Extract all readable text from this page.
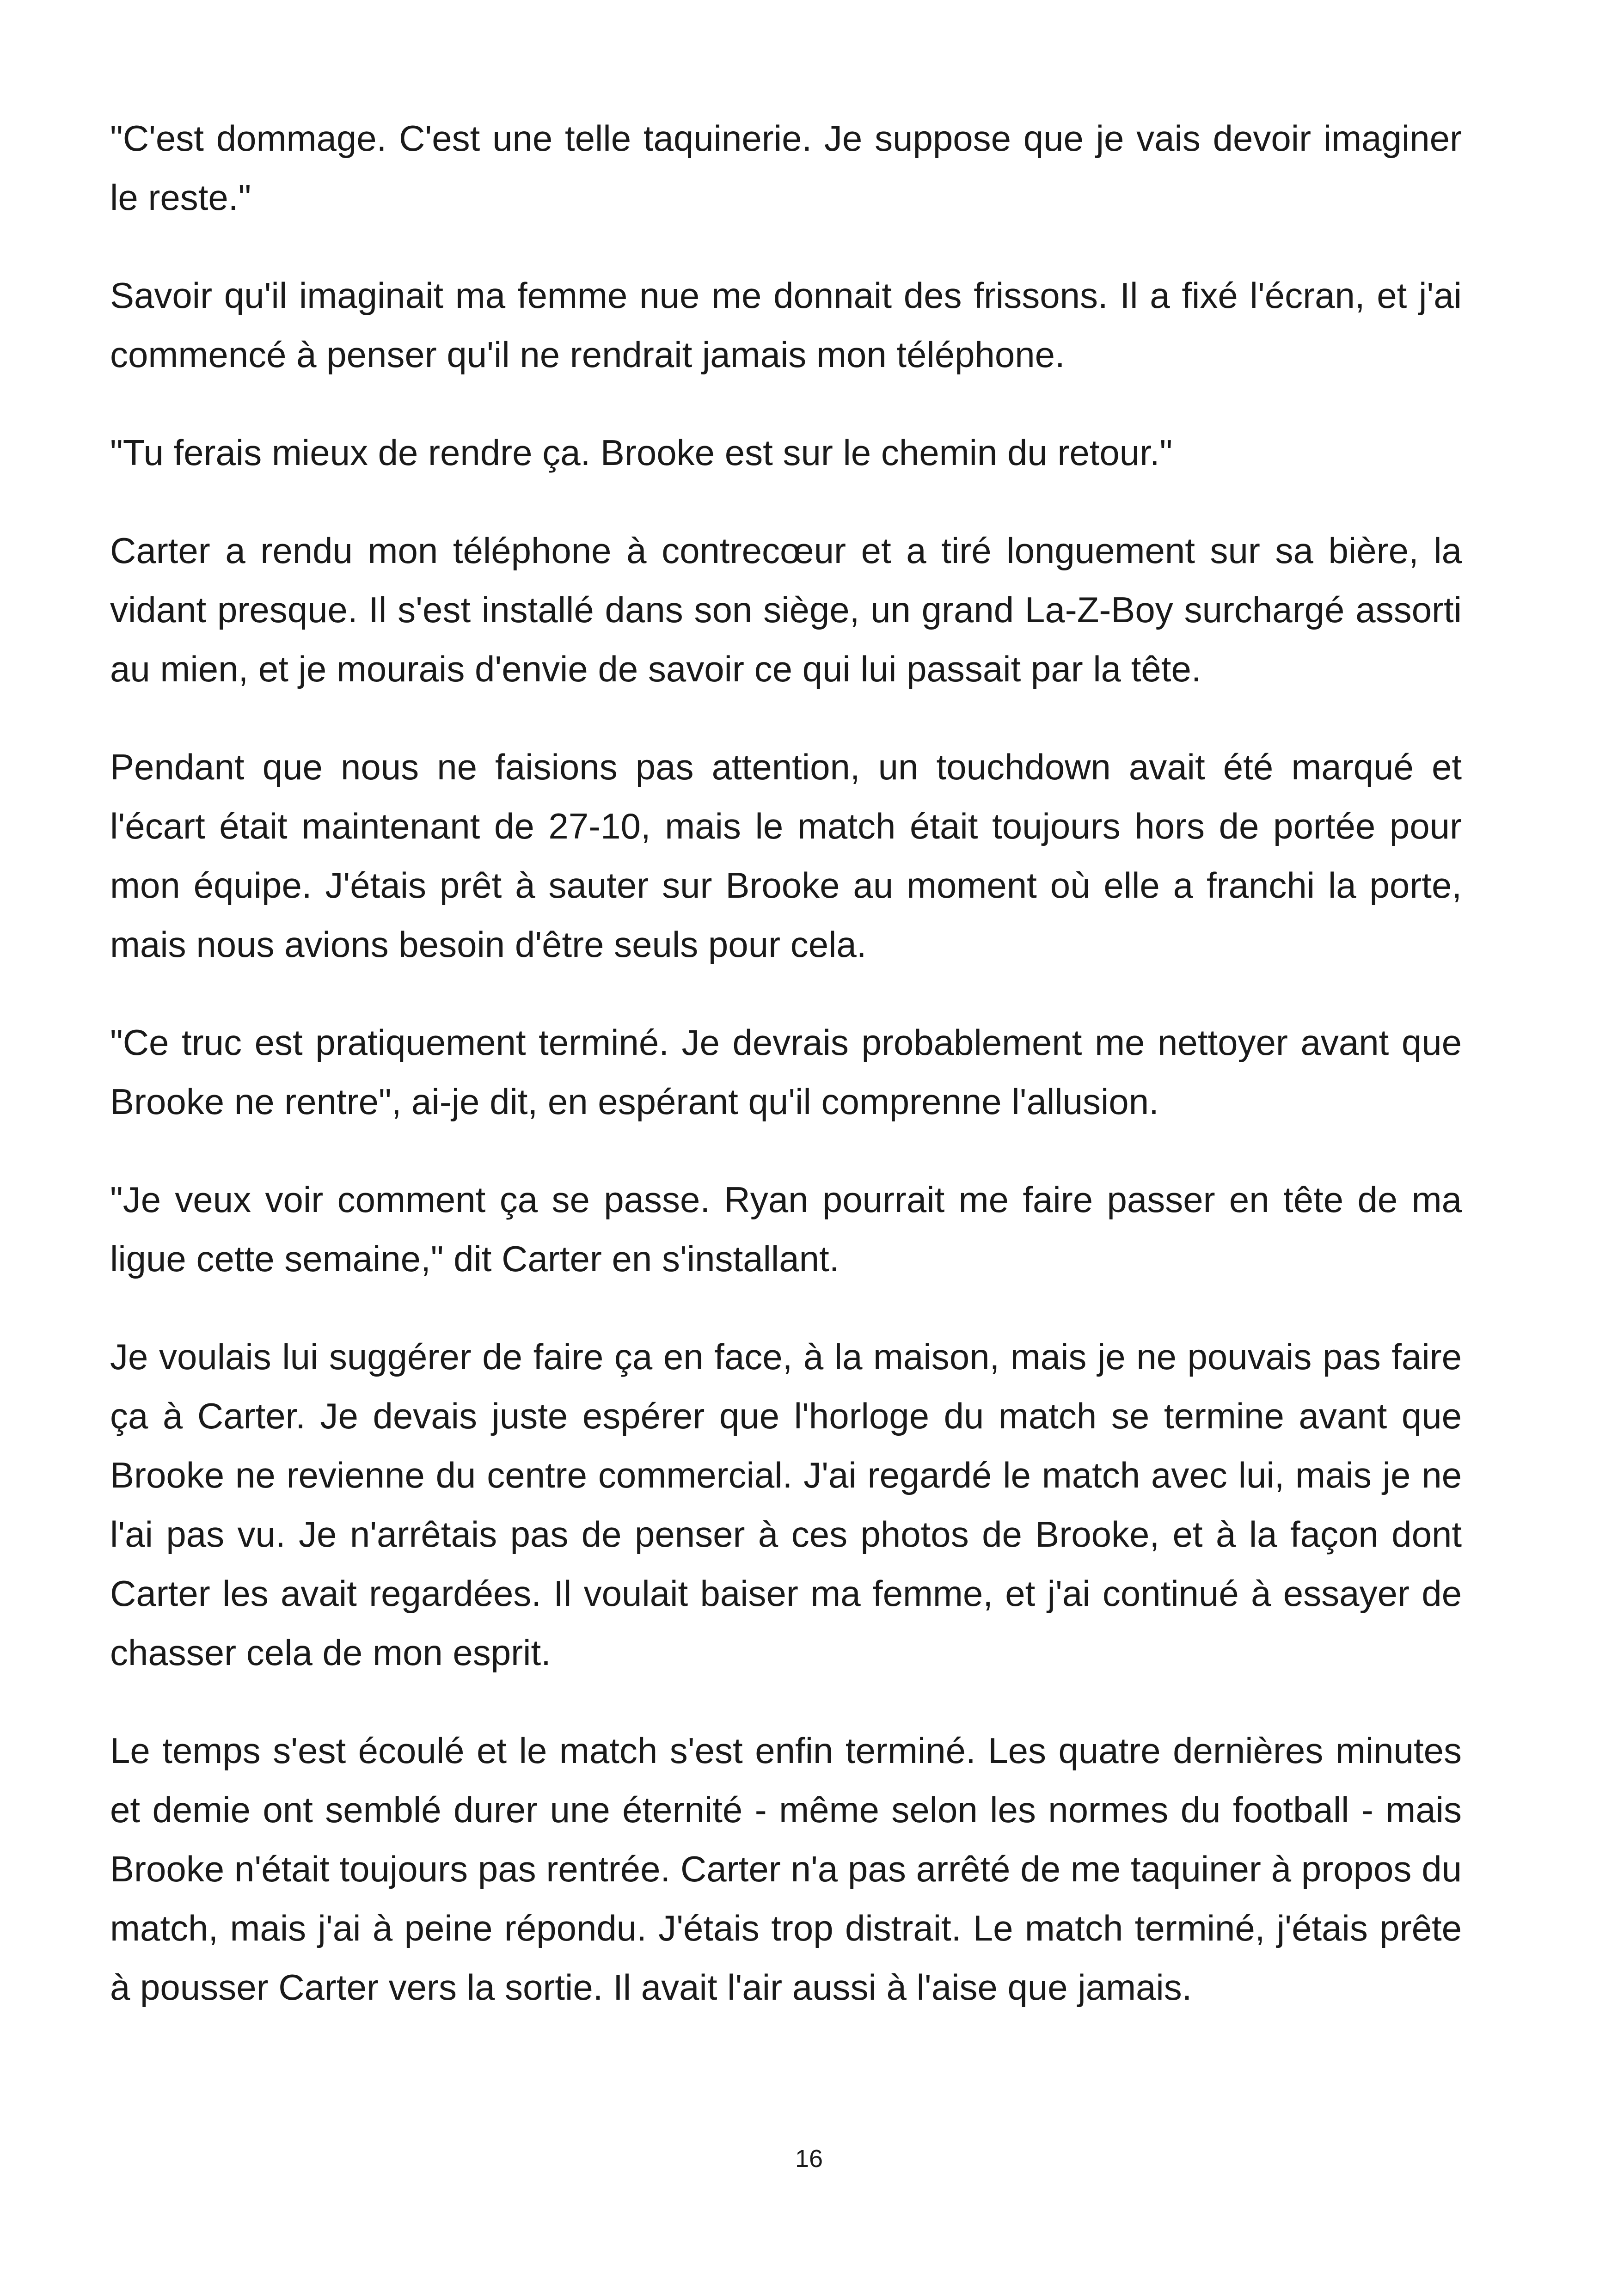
"C'est dommage. C'est une telle taquinerie. Je suppose que je vais devoir imaginer le reste."

Savoir qu'il imaginait ma femme nue me donnait des frissons. Il a fixé l'écran, et j'ai commencé à penser qu'il ne rendrait jamais mon téléphone.

"Tu ferais mieux de rendre ça. Brooke est sur le chemin du retour."

Carter a rendu mon téléphone à contrecœur et a tiré longuement sur sa bière, la vidant presque. Il s'est installé dans son siège, un grand La-Z-Boy surchargé assorti au mien, et je mourais d'envie de savoir ce qui lui passait par la tête.

Pendant que nous ne faisions pas attention, un touchdown avait été marqué et l'écart était maintenant de 27-10, mais le match était toujours hors de portée pour mon équipe. J'étais prêt à sauter sur Brooke au moment où elle a franchi la porte, mais nous avions besoin d'être seuls pour cela.

"Ce truc est pratiquement terminé. Je devrais probablement me nettoyer avant que Brooke ne rentre", ai-je dit, en espérant qu'il comprenne l'allusion.

"Je veux voir comment ça se passe. Ryan pourrait me faire passer en tête de ma ligue cette semaine," dit Carter en s'installant.

Je voulais lui suggérer de faire ça en face, à la maison, mais je ne pouvais pas faire ça à Carter. Je devais juste espérer que l'horloge du match se termine avant que Brooke ne revienne du centre commercial. J'ai regardé le match avec lui, mais je ne l'ai pas vu. Je n'arrêtais pas de penser à ces photos de Brooke, et à la façon dont Carter les avait regardées. Il voulait baiser ma femme, et j'ai continué à essayer de chasser cela de mon esprit.

Le temps s'est écoulé et le match s'est enfin terminé. Les quatre dernières minutes et demie ont semblé durer une éternité - même selon les normes du football - mais Brooke n'était toujours pas rentrée. Carter n'a pas arrêté de me taquiner à propos du match, mais j'ai à peine répondu. J'étais trop distrait. Le match terminé, j'étais prête à pousser Carter vers la sortie. Il avait l'air aussi à l'aise que jamais.

16
